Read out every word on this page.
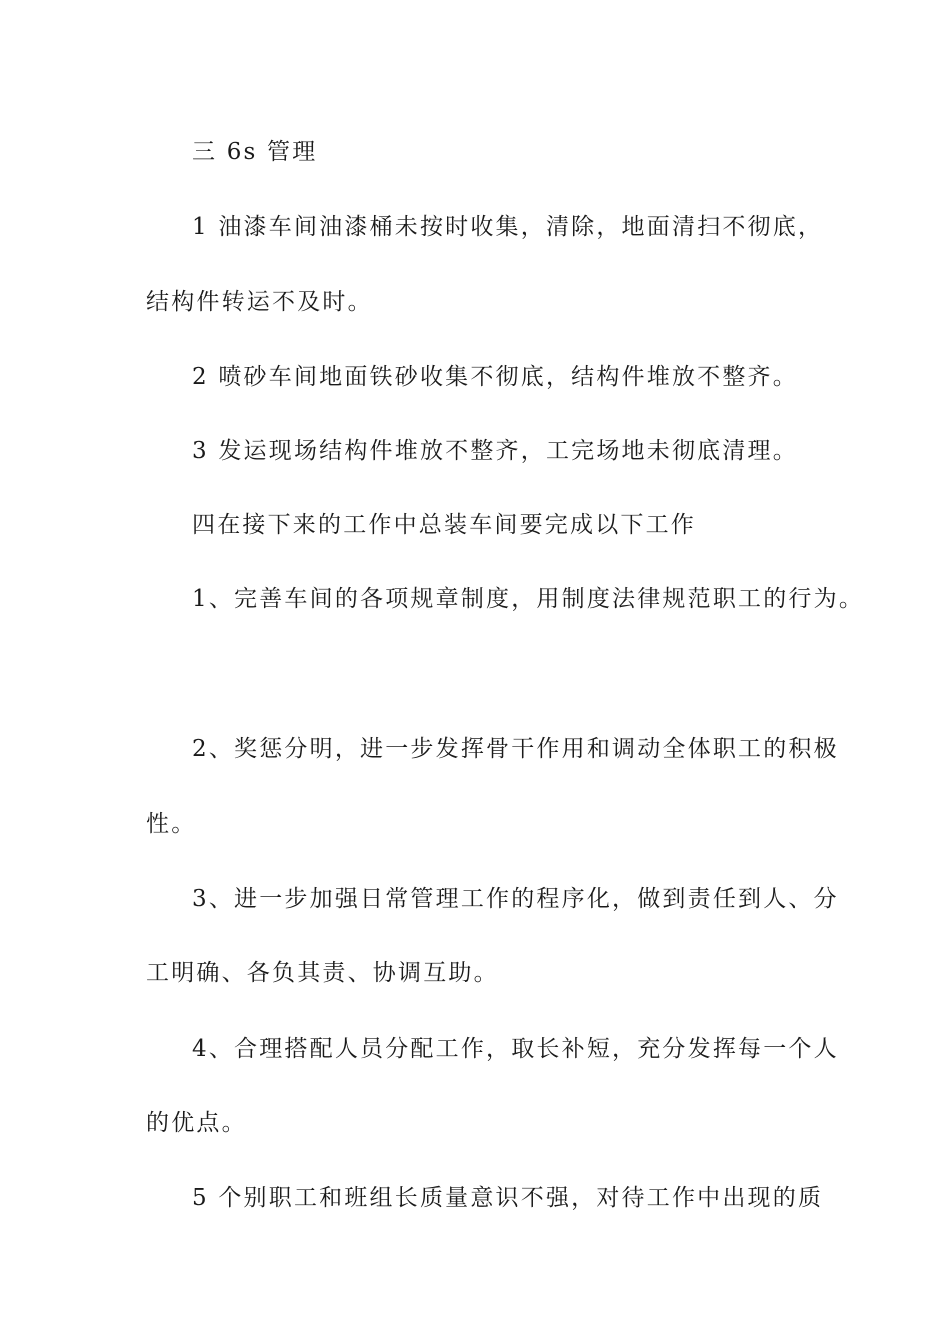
三 6s 管理

1 油漆车间油漆桶未按时收集，清除，地面清扫不彻底，

结构件转运不及时。

2 喷砂车间地面铁砂收集不彻底，结构件堆放不整齐。

3 发运现场结构件堆放不整齐，工完场地未彻底清理。

四在接下来的工作中总装车间要完成以下工作

1、完善车间的各项规章制度，用制度法律规范职工的行为。

2、奖惩分明，进一步发挥骨干作用和调动全体职工的积极

性。

3、进一步加强日常管理工作的程序化，做到责任到人、分

工明确、各负其责、协调互助。

4、合理搭配人员分配工作，取长补短，充分发挥每一个人

的优点。

5 个别职工和班组长质量意识不强，对待工作中出现的质
